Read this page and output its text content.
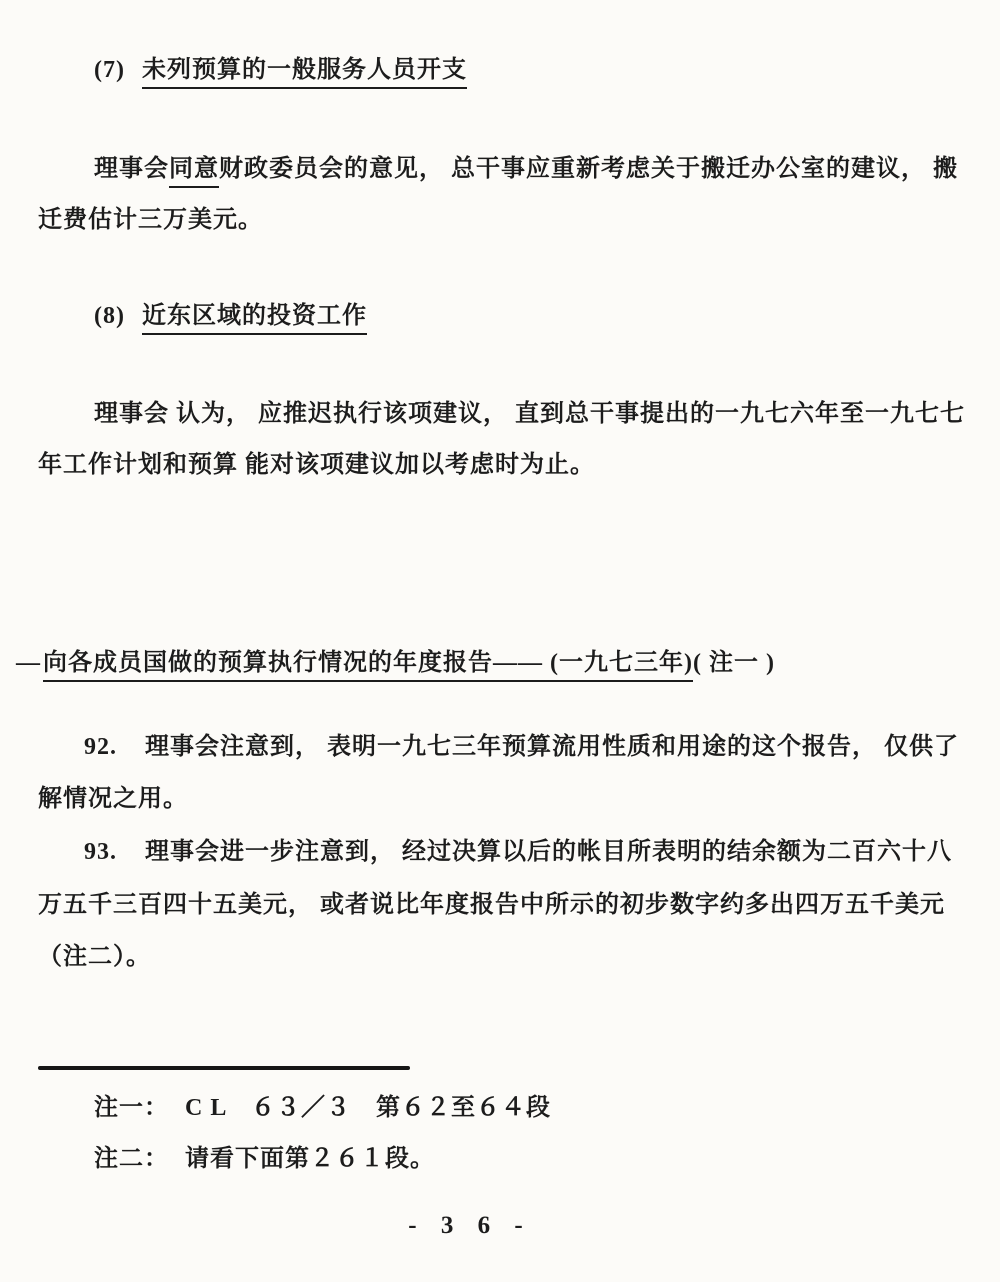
(7) 未列预算的一般服务人员开支
理事会同意财政委员会的意见， 总干事应重新考虑关于搬迁办公室的建议， 搬
迁费估计三万美元。
(8) 近东区域的投资工作
理事会 认为， 应推迟执行该项建议， 直到总干事提出的一九七六年至一九七七
年工作计划和预算 能对该项建议加以考虑时为止。
—向各成员国做的预算执行情况的年度报告—— (一九七三年)( 注一 )
92. 理事会注意到， 表明一九七三年预算流用性质和用途的这个报告， 仅供了
解情况之用。
93. 理事会进一步注意到， 经过决算以后的帐目所表明的结余额为二百六十八
万五千三百四十五美元， 或者说比年度报告中所示的初步数字约多出四万五千美元
（注二）。
注一： C L　６３／３　第６２至６４段
注二： 请看下面第２６１段。
- 3 6 -
